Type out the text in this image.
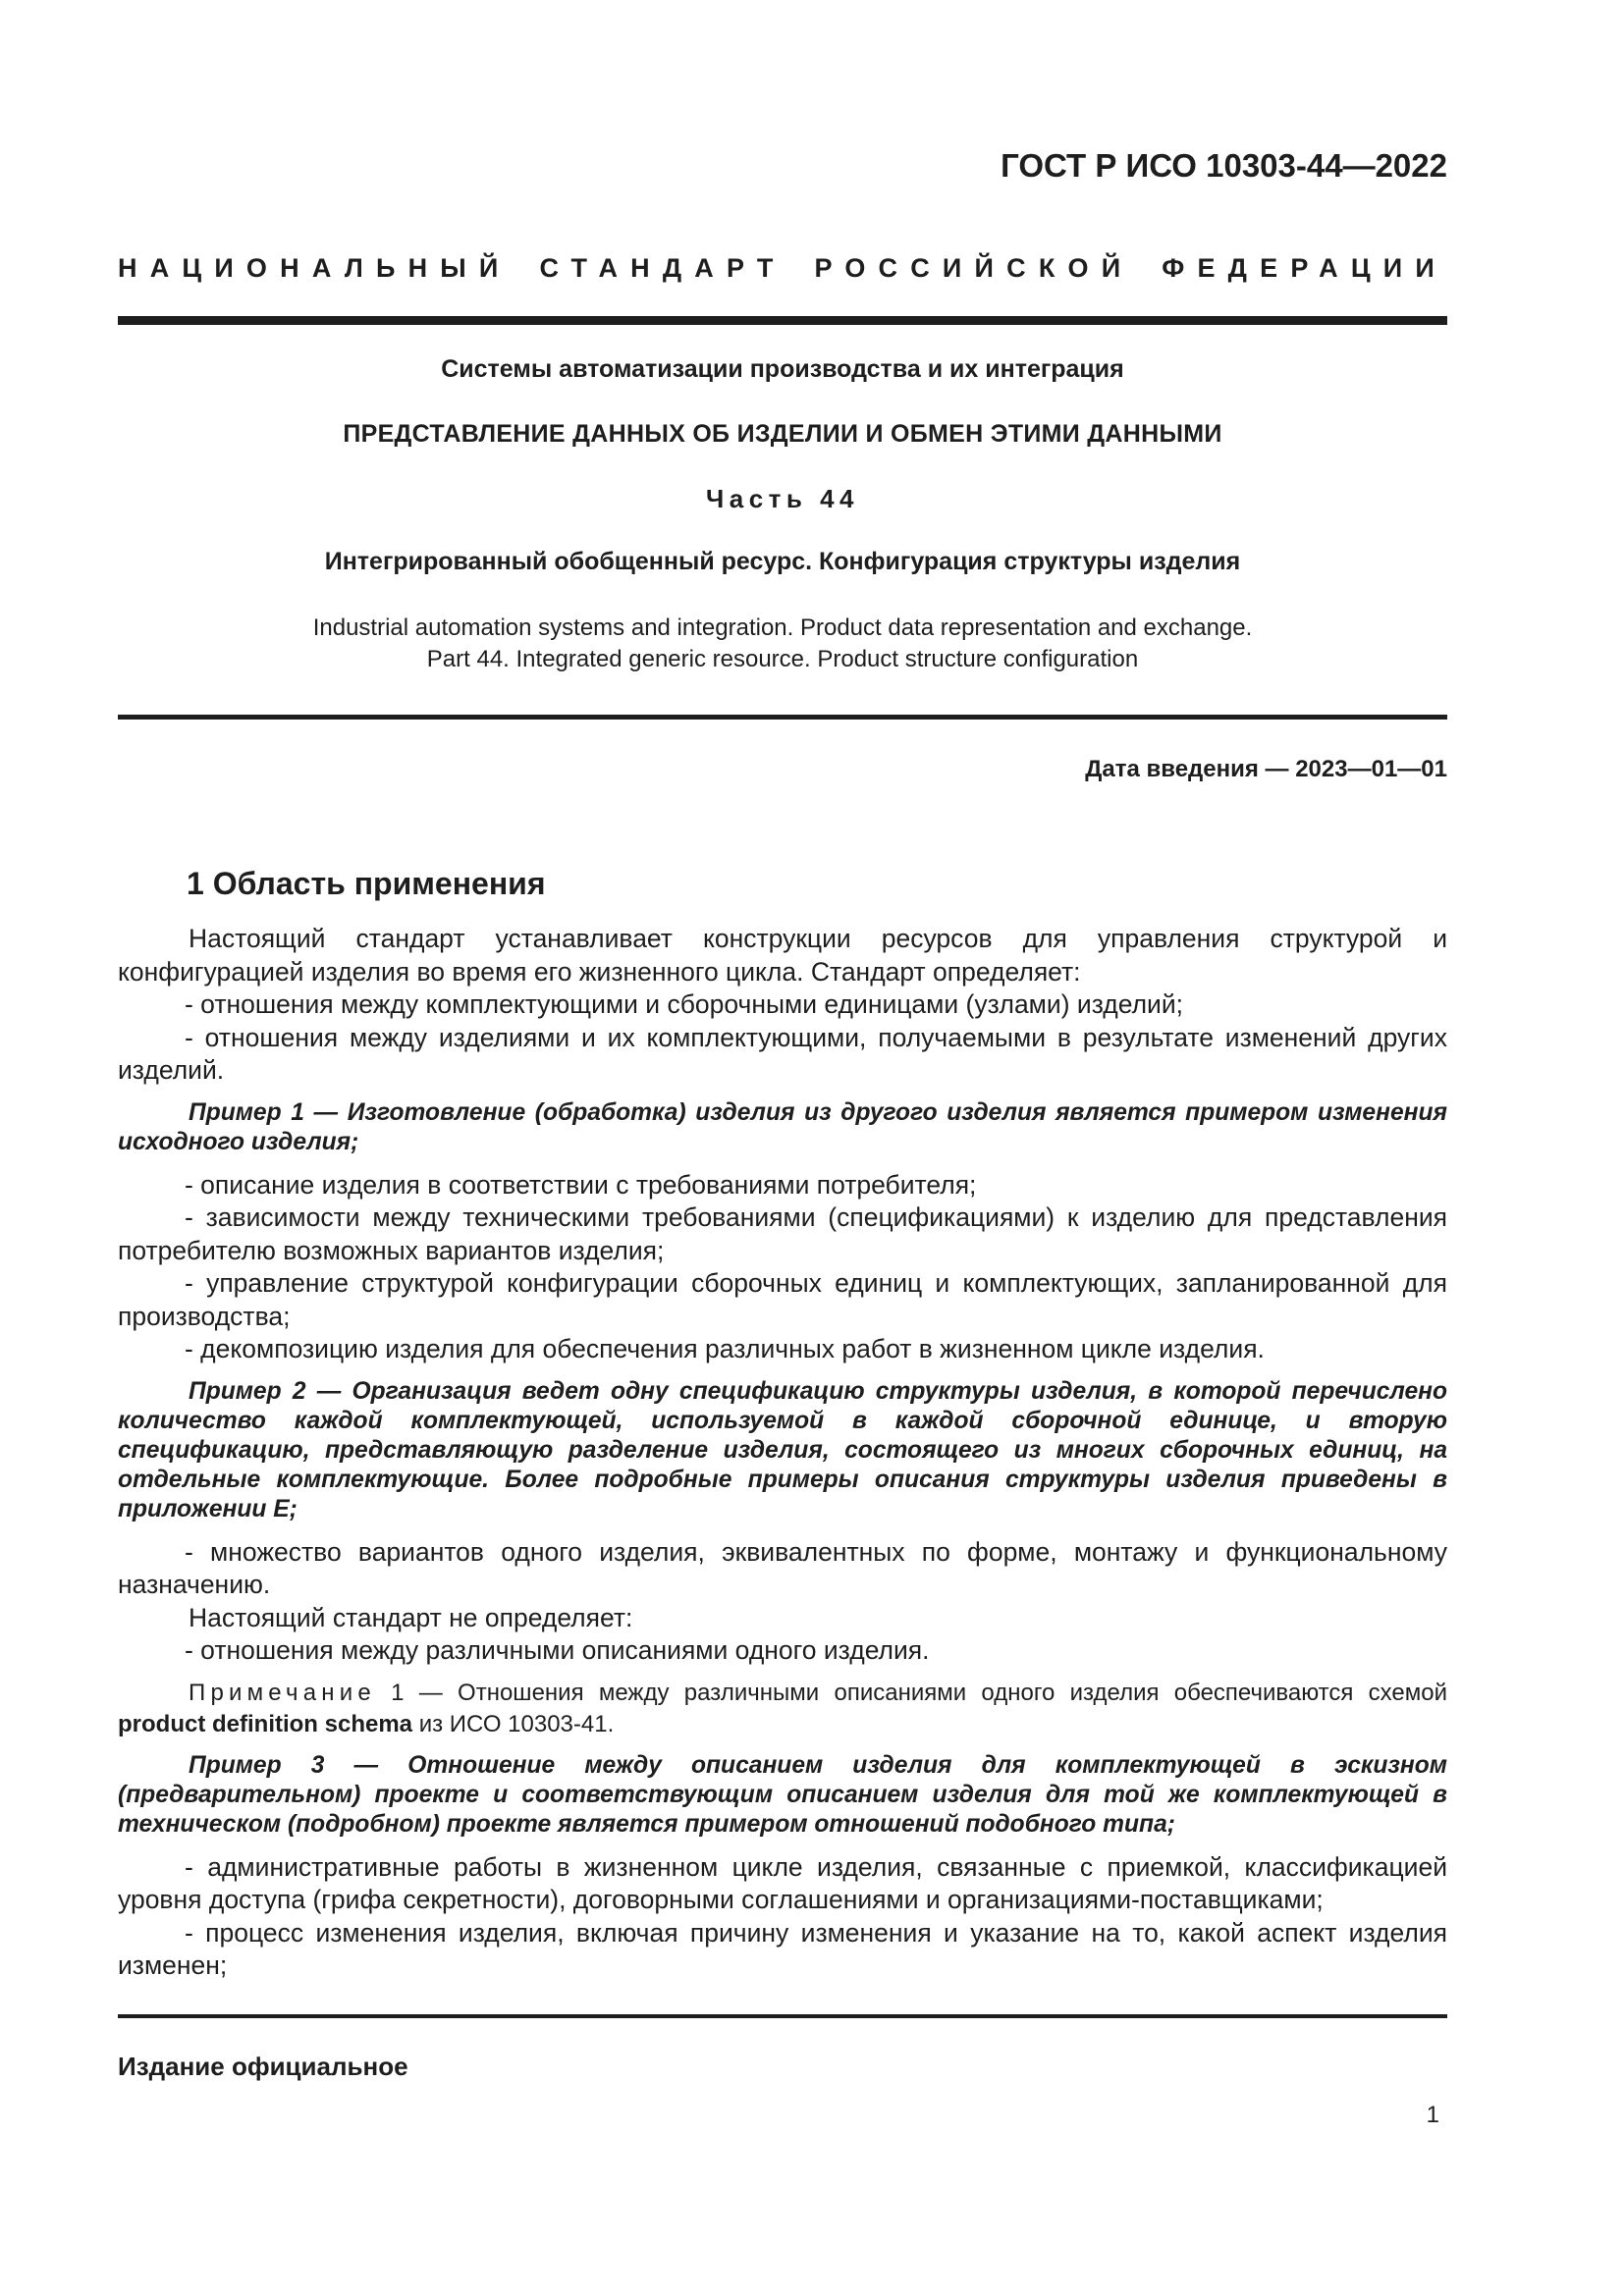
ГОСТ Р ИСО 10303-44—2022
НАЦИОНАЛЬНЫЙ СТАНДАРТ РОССИЙСКОЙ ФЕДЕРАЦИИ
Системы автоматизации производства и их интеграция
ПРЕДСТАВЛЕНИЕ ДАННЫХ ОБ ИЗДЕЛИИ И ОБМЕН ЭТИМИ ДАННЫМИ
Часть 44
Интегрированный обобщенный ресурс. Конфигурация структуры изделия
Industrial automation systems and integration. Product data representation and exchange.
Part 44. Integrated generic resource. Product structure configuration
Дата введения — 2023—01—01
1 Область применения

Настоящий стандарт устанавливает конструкции ресурсов для управления структурой и конфигурацией изделия во время его жизненного цикла. Стандарт определяет:

- отношения между комплектующими и сборочными единицами (узлами) изделий;

- отношения между изделиями и их комплектующими, получаемыми в результате изменений других изделий.

Пример 1 — Изготовление (обработка) изделия из другого изделия является примером изменения исходного изделия;

- описание изделия в соответствии с требованиями потребителя;

- зависимости между техническими требованиями (спецификациями) к изделию для представления потребителю возможных вариантов изделия;

- управление структурой конфигурации сборочных единиц и комплектующих, запланированной для производства;

- декомпозицию изделия для обеспечения различных работ в жизненном цикле изделия.

Пример 2 — Организация ведет одну спецификацию структуры изделия, в которой перечислено количество каждой комплектующей, используемой в каждой сборочной единице, и вторую спецификацию, представляющую разделение изделия, состоящего из многих сборочных единиц, на отдельные комплектующие. Более подробные примеры описания структуры изделия приведены в приложении Е;

- множество вариантов одного изделия, эквивалентных по форме, монтажу и функциональному назначению.

Настоящий стандарт не определяет:

- отношения между различными описаниями одного изделия.

Примечание 1 — Отношения между различными описаниями одного изделия обеспечиваются схемой product definition schema из ИСО 10303-41.

Пример 3 — Отношение между описанием изделия для комплектующей в эскизном (предварительном) проекте и соответствующим описанием изделия для той же комплектующей в техническом (подробном) проекте является примером отношений подобного типа;

- административные работы в жизненном цикле изделия, связанные с приемкой, классификацией уровня доступа (грифа секретности), договорными соглашениями и организациями-поставщиками;

- процесс изменения изделия, включая причину изменения и указание на то, какой аспект изделия изменен;

Издание официальное
1
